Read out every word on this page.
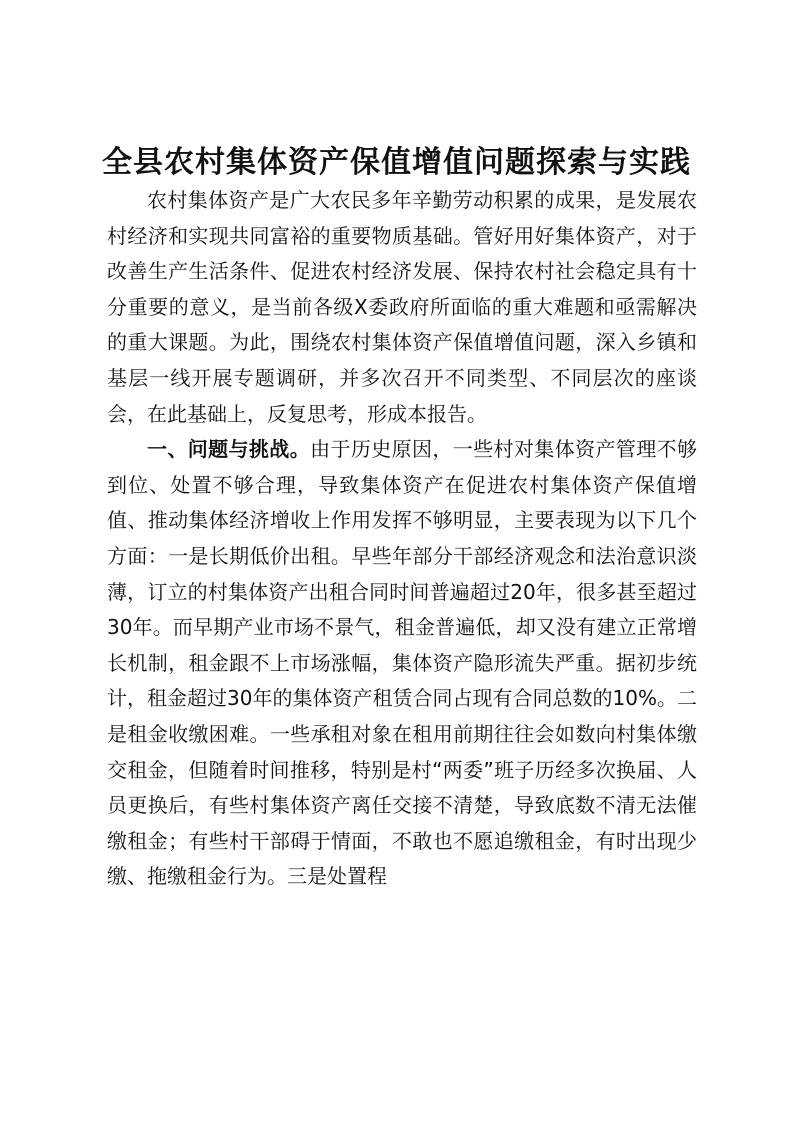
全县农村集体资产保值增值问题探索与实践

农村集体资产是广大农民多年辛勤劳动积累的成果，是发展农村经济和实现共同富裕的重要物质基础。管好用好集体资产，对于改善生产生活条件、促进农村经济发展、保持农村社会稳定具有十分重要的意义，是当前各级X委政府所面临的重大难题和亟需解决的重大课题。为此，围绕农村集体资产保值增值问题，深入乡镇和基层一线开展专题调研，并多次召开不同类型、不同层次的座谈会，在此基础上，反复思考，形成本报告。

一、问题与挑战。由于历史原因，一些村对集体资产管理不够到位、处置不够合理，导致集体资产在促进农村集体资产保值增值、推动集体经济增收上作用发挥不够明显，主要表现为以下几个方面：一是长期低价出租。早些年部分干部经济观念和法治意识淡薄，订立的村集体资产出租合同时间普遍超过20年，很多甚至超过30年。而早期产业市场不景气，租金普遍低，却又没有建立正常增长机制，租金跟不上市场涨幅，集体资产隐形流失严重。据初步统计，租金超过30年的集体资产租赁合同占现有合同总数的10%。二是租金收缴困难。一些承租对象在租用前期往往会如数向村集体缴交租金，但随着时间推移，特别是村“两委”班子历经多次换届、人员更换后，有些村集体资产离任交接不清楚，导致底数不清无法催缴租金；有些村干部碍于情面，不敢也不愿追缴租金，有时出现少缴、拖缴租金行为。三是处置程
